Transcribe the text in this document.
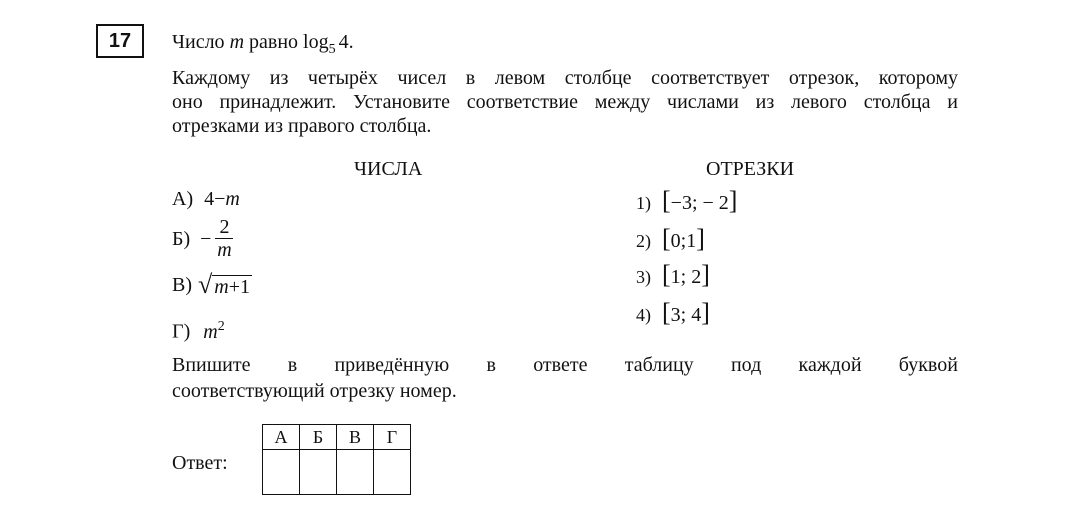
17 Число m равно $\log_5 4$.

Каждому из четырёх чисел в левом столбце соответствует отрезок, которому

оно принадлежит. Установите соответствие между числами из левого столбца и

отрезками из правого столбца.

ЧИСЛА	ОТРЕЗКИ
А) 4−m
$Б) - \frac{2}{m}$
В) √ m+1
Г) $m^2$
1) [−3; − 2]
2) [0;1]
3) [1; 2]
4) [3; 4]
Впишите в приведённую в ответе таблицу под каждой буквой
соответствующий отрезку номер.
Ответ:
А	Б	В	Г
